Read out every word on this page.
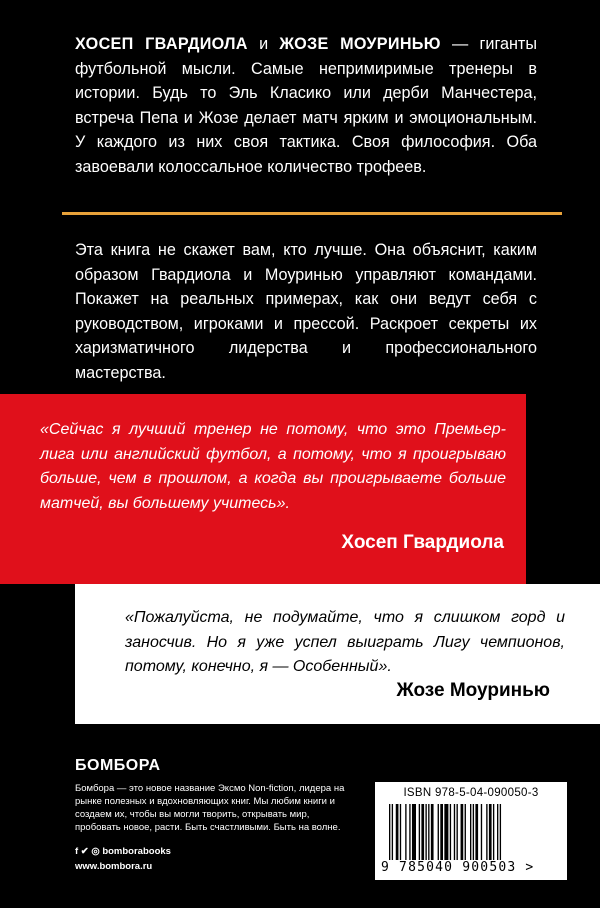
ХОСЕП ГВАРДИОЛА и ЖОЗЕ МОУРИНЬЮ — гиганты футбольной мысли. Самые непримиримые тренеры в истории. Будь то Эль Класико или дерби Манчестера, встреча Пепа и Жозе делает матч ярким и эмоциональным. У каждого из них своя тактика. Своя философия. Оба завоевали колоссальное количество трофеев.
Эта книга не скажет вам, кто лучше. Она объяснит, каким образом Гвардиола и Моуринью управляют командами. Покажет на реальных примерах, как они ведут себя с руководством, игроками и прессой. Раскроет секреты их харизматичного лидерства и профессионального мастерства.
«Сейчас я лучший тренер не потому, что это Премьер-лига или английский футбол, а потому, что я проигрываю больше, чем в прошлом, а когда вы проигрываете больше матчей, вы большему учитесь».
Хосеп Гвардиола
«Пожалуйста, не подумайте, что я слишком горд и заносчив. Но я уже успел выиграть Лигу чемпионов, потому, конечно, я — Особенный».
Жозе Моуринью
БОМБОРА
Бомбора — это новое название Эксмо Non-fiction, лидера на рынке полезных и вдохновляющих книг. Мы любим книги и создаем их, чтобы вы могли творить, открывать мир, пробовать новое, расти. Быть счастливыми. Быть на волне.
f ✔ ◎ bomborabooks
www.bombora.ru
ISBN 978-5-04-090050-3
9 785040 900503 >
